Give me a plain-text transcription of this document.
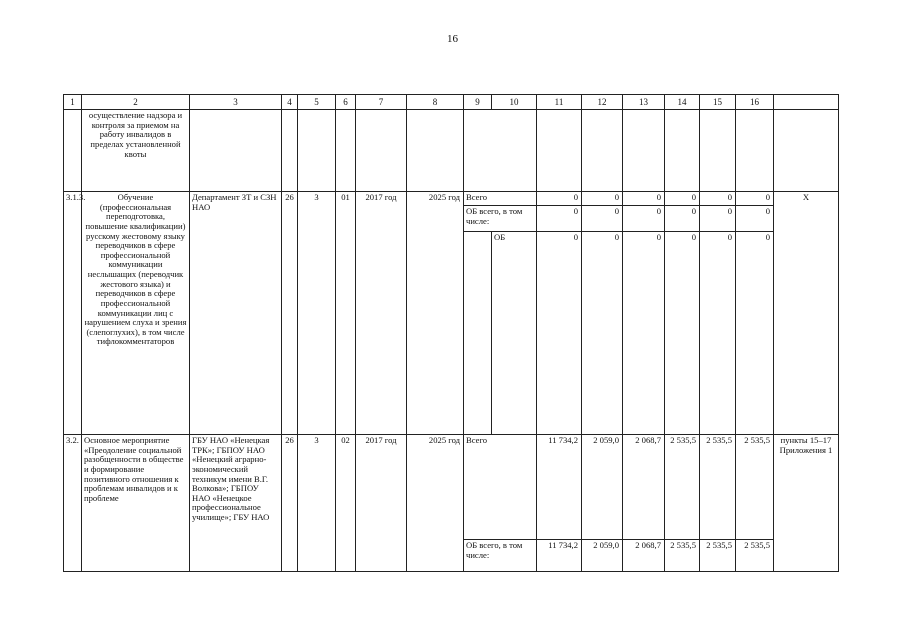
16
1	2	3	4	5	6	7	8	9	10	11	12	13	14	15	16	
	осуществление надзора и контроля за приемом на работу инвалидов в пределах установленной квоты															
3.1.3.	Обучение (профессиональная переподготовка, повышение квалификации) русскому жестовому языку переводчиков в сфере профессиональной коммуникации неслышащих (переводчик жестового языка) и переводчиков в сфере профессиональной коммуникации лиц с нарушением слуха и зрения (слепоглухих), в том числе тифлокомментаторов	Департамент ЗТ и СЗН НАО	26	3	01	2017 год	2025 год	Всего		0	0	0	0	0	0	Х
								ОБ всего, в том числе:		0	0	0	0	0	0	
									ОБ	0	0	0	0	0	0	
3.2.	Основное мероприятие «Преодоление социальной разобщенности в обществе и формирование позитивного отношения к проблемам инвалидов и к проблеме	ГБУ НАО «Ненецкая ТРК»; ГБПОУ НАО «Ненецкий аграрно-экономический техникум имени В.Г. Волкова»; ГБПОУ НАО «Ненецкое профессиональное училище»; ГБУ НАО	26	3	02	2017 год	2025 год	Всего		11 734,2	2 059,0	2 068,7	2 535,5	2 535,5	2 535,5	пункты 15–17 Приложения 1
								ОБ всего, в том числе:		11 734,2	2 059,0	2 068,7	2 535,5	2 535,5	2 535,5	
